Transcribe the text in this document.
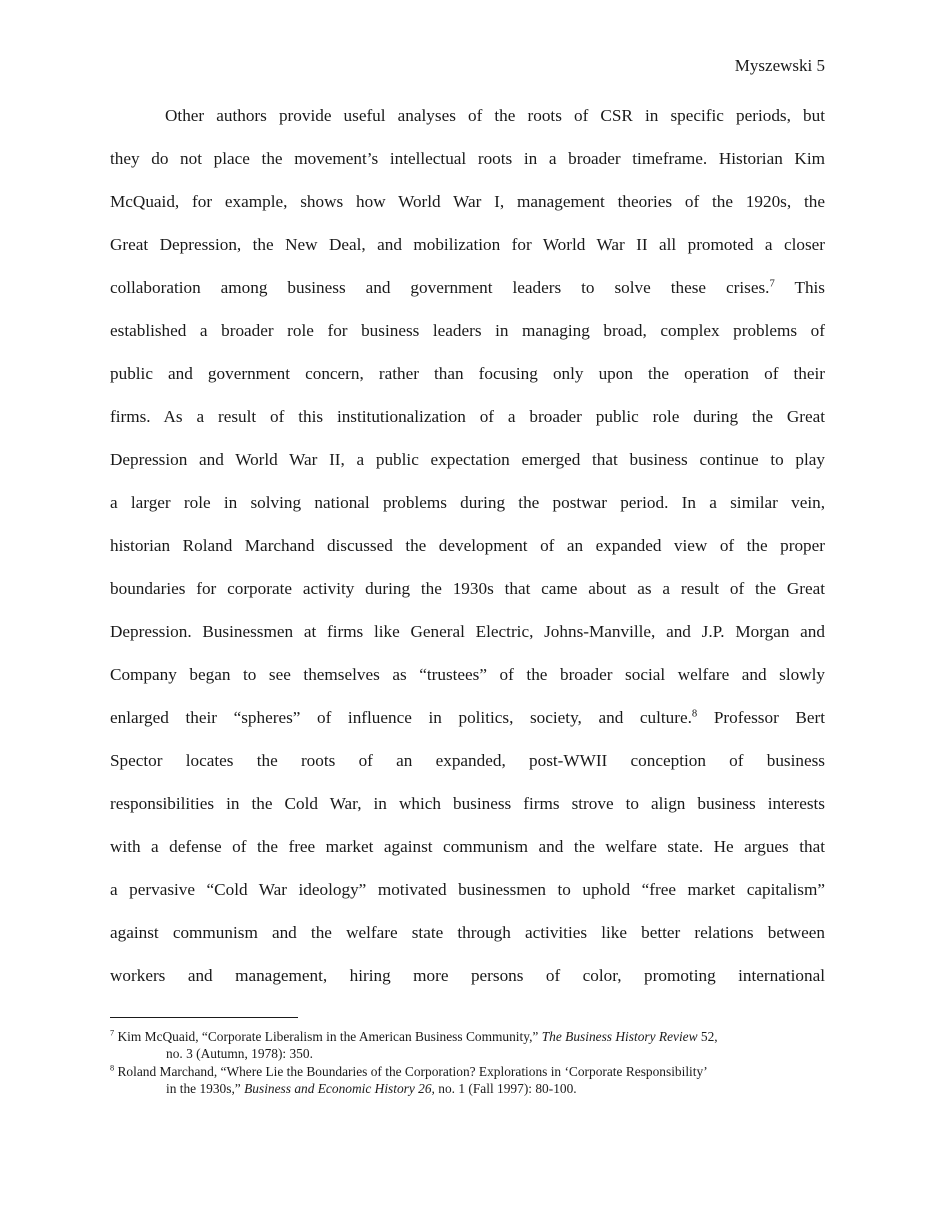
Myszewski 5
Other authors provide useful analyses of the roots of CSR in specific periods, but
they do not place the movement’s intellectual roots in a broader timeframe. Historian Kim
McQuaid, for example, shows how World War I, management theories of the 1920s, the
Great Depression, the New Deal, and mobilization for World War II all promoted a closer
collaboration among business and government leaders to solve these crises.$^7$ This
established a broader role for business leaders in managing broad, complex problems of
public and government concern, rather than focusing only upon the operation of their
firms. As a result of this institutionalization of a broader public role during the Great
Depression and World War II, a public expectation emerged that business continue to play
a larger role in solving national problems during the postwar period. In a similar vein,
historian Roland Marchand discussed the development of an expanded view of the proper
boundaries for corporate activity during the 1930s that came about as a result of the Great
Depression. Businessmen at firms like General Electric, Johns-Manville, and J.P. Morgan and
Company began to see themselves as “trustees” of the broader social welfare and slowly
enlarged their “spheres” of influence in politics, society, and culture.$^8$ Professor Bert
Spector locates the roots of an expanded, post-WWII conception of business
responsibilities in the Cold War, in which business firms strove to align business interests
with a defense of the free market against communism and the welfare state. He argues that
a pervasive “Cold War ideology” motivated businessmen to uphold “free market capitalism”
against communism and the welfare state through activities like better relations between
workers and management, hiring more persons of color, promoting international
$^7$ Kim McQuaid, “Corporate Liberalism in the American Business Community,” The Business History Review 52,
no. 3 (Autumn, 1978): 350.
$^8$ Roland Marchand, “Where Lie the Boundaries of the Corporation? Explorations in ‘Corporate Responsibility’
in the 1930s,” Business and Economic History 26, no. 1 (Fall 1997): 80-100.
